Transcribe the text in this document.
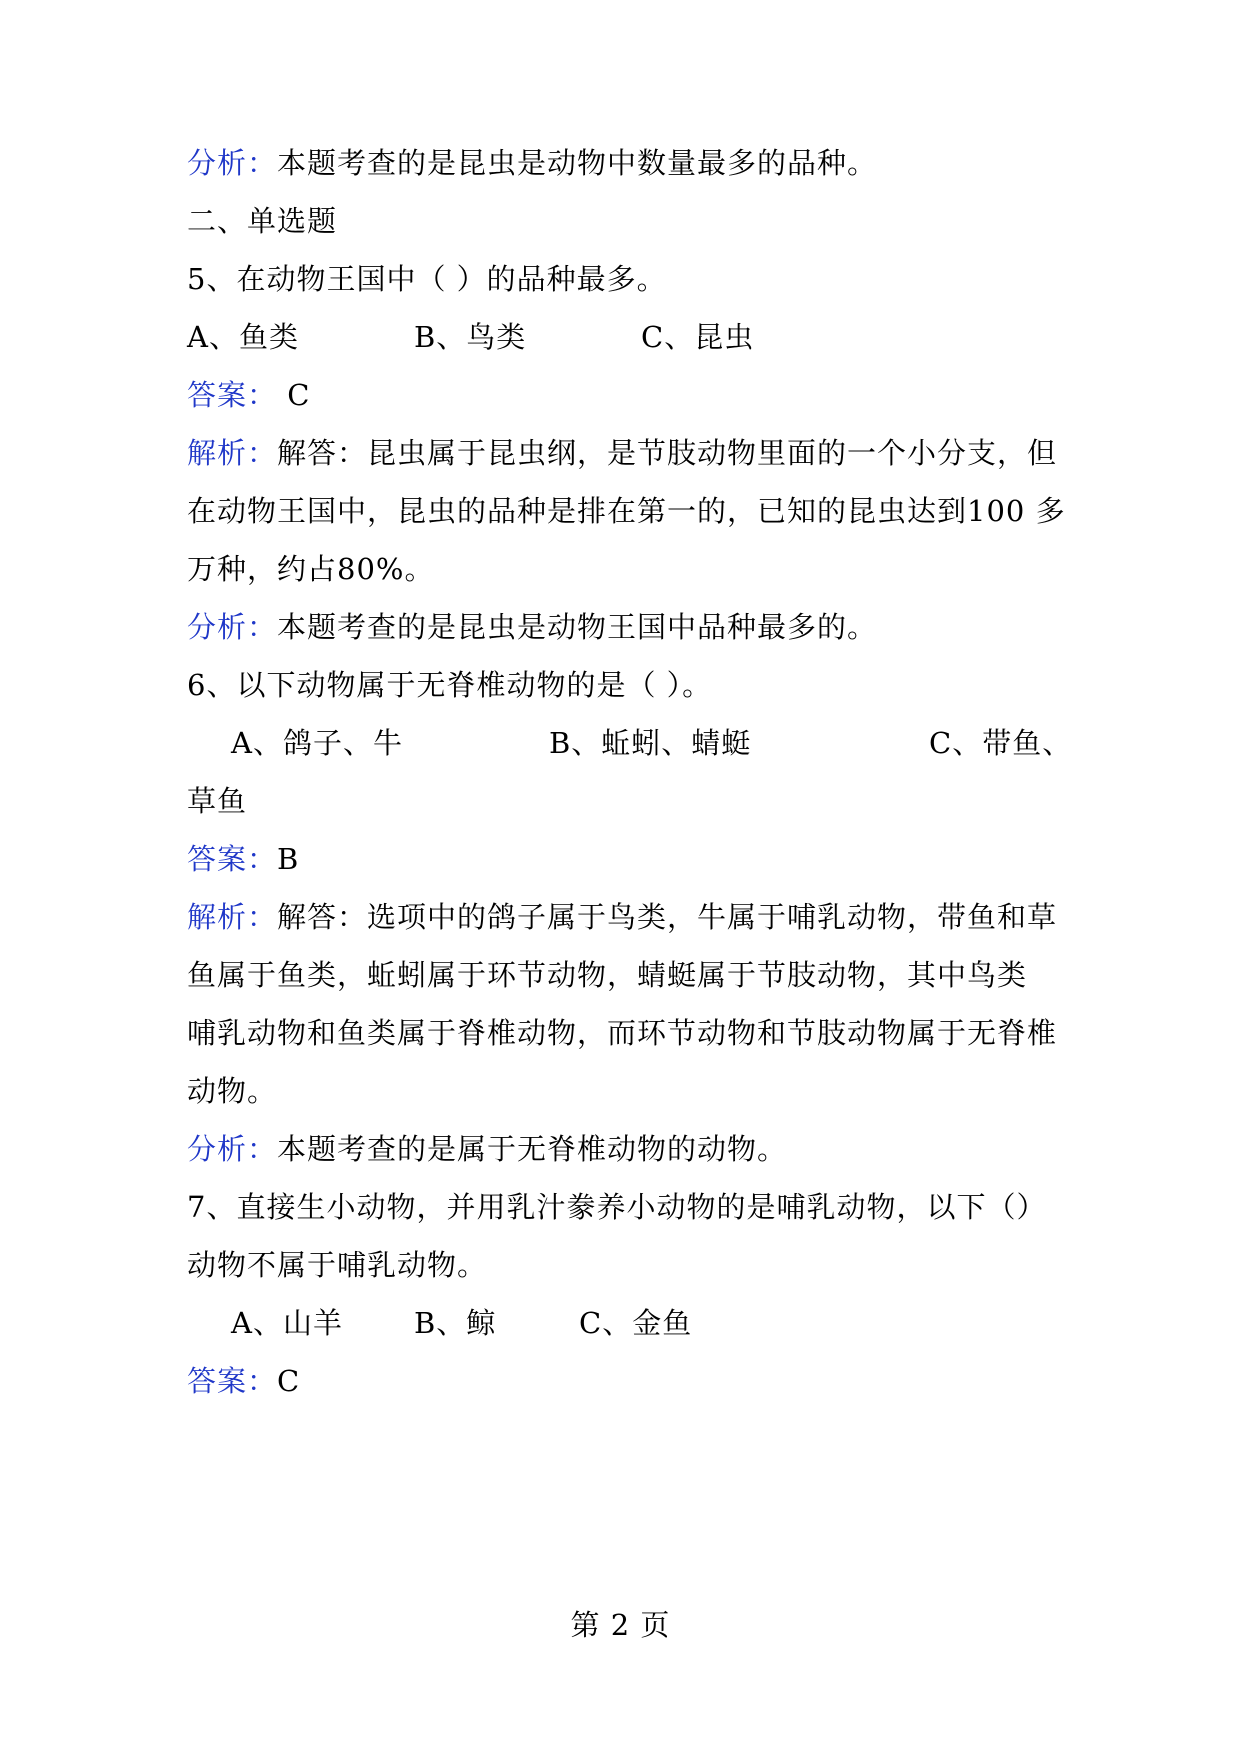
分析：本题考查的是昆虫是动物中数量最多的品种。
二、单选题
5、在动物王国中（ ）的品种最多。
A、鱼类	B、鸟类	C、昆虫
答案： C
解析：解答：昆虫属于昆虫纲，是节肢动物里面的一个小分支，但
在动物王国中，昆虫的品种是排在第一的，已知的昆虫达到100 多
万种，约占80%。
分析：本题考查的是昆虫是动物王国中品种最多的。
6、以下动物属于无脊椎动物的是（ ）。
A、鸽子、牛	B、蚯蚓、蜻蜓	C、带鱼、
草鱼
答案：B
解析：解答：选项中的鸽子属于鸟类，牛属于哺乳动物，带鱼和草
鱼属于鱼类，蚯蚓属于环节动物，蜻蜓属于节肢动物，其中鸟类
哺乳动物和鱼类属于脊椎动物，而环节动物和节肢动物属于无脊椎
动物。
分析：本题考查的是属于无脊椎动物的动物。
7、直接生小动物，并用乳汁豢养小动物的是哺乳动物，以下（）
动物不属于哺乳动物。
A、山羊 B、鲸	C、金鱼
答案：C
第 2 页
